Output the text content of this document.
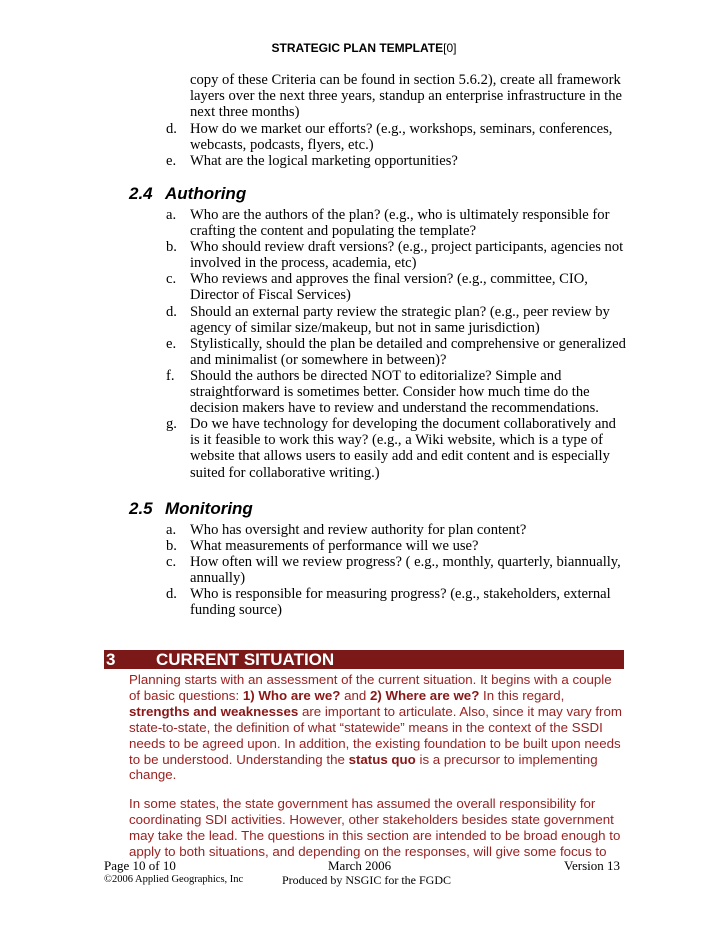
STRATEGIC PLAN TEMPLATE[0]
copy of these Criteria can be found in section 5.6.2), create all framework layers over the next three years, standup an enterprise infrastructure in the next three months)
d. How do we market our efforts? (e.g., workshops, seminars, conferences, webcasts, podcasts, flyers, etc.)
e. What are the logical marketing opportunities?
2.4 Authoring
a. Who are the authors of the plan? (e.g., who is ultimately responsible for crafting the content and populating the template?
b. Who should review draft versions? (e.g., project participants, agencies not involved in the process, academia, etc)
c. Who reviews and approves the final version? (e.g., committee, CIO, Director of Fiscal Services)
d. Should an external party review the strategic plan? (e.g., peer review by agency of similar size/makeup, but not in same jurisdiction)
e. Stylistically, should the plan be detailed and comprehensive or generalized and minimalist (or somewhere in between)?
f. Should the authors be directed NOT to editorialize? Simple and straightforward is sometimes better. Consider how much time do the decision makers have to review and understand the recommendations.
g. Do we have technology for developing the document collaboratively and is it feasible to work this way? (e.g., a Wiki website, which is a type of website that allows users to easily add and edit content and is especially suited for collaborative writing.)
2.5 Monitoring
a. Who has oversight and review authority for plan content?
b. What measurements of performance will we use?
c. How often will we review progress? ( e.g., monthly, quarterly, biannually, annually)
d. Who is responsible for measuring progress? (e.g., stakeholders, external funding source)
3 CURRENT SITUATION
Planning starts with an assessment of the current situation. It begins with a couple of basic questions: 1) Who are we? and 2) Where are we? In this regard, strengths and weaknesses are important to articulate. Also, since it may vary from state-to-state, the definition of what “statewide” means in the context of the SSDI needs to be agreed upon. In addition, the existing foundation to be built upon needs to be understood. Understanding the status quo is a precursor to implementing change.
In some states, the state government has assumed the overall responsibility for coordinating SDI activities. However, other stakeholders besides state government may take the lead. The questions in this section are intended to be broad enough to apply to both situations, and depending on the responses, will give some focus to
Page 10 of 10	March 2006	Version 13
©2006 Applied Geographics, Inc	Produced by NSGIC for the FGDC
